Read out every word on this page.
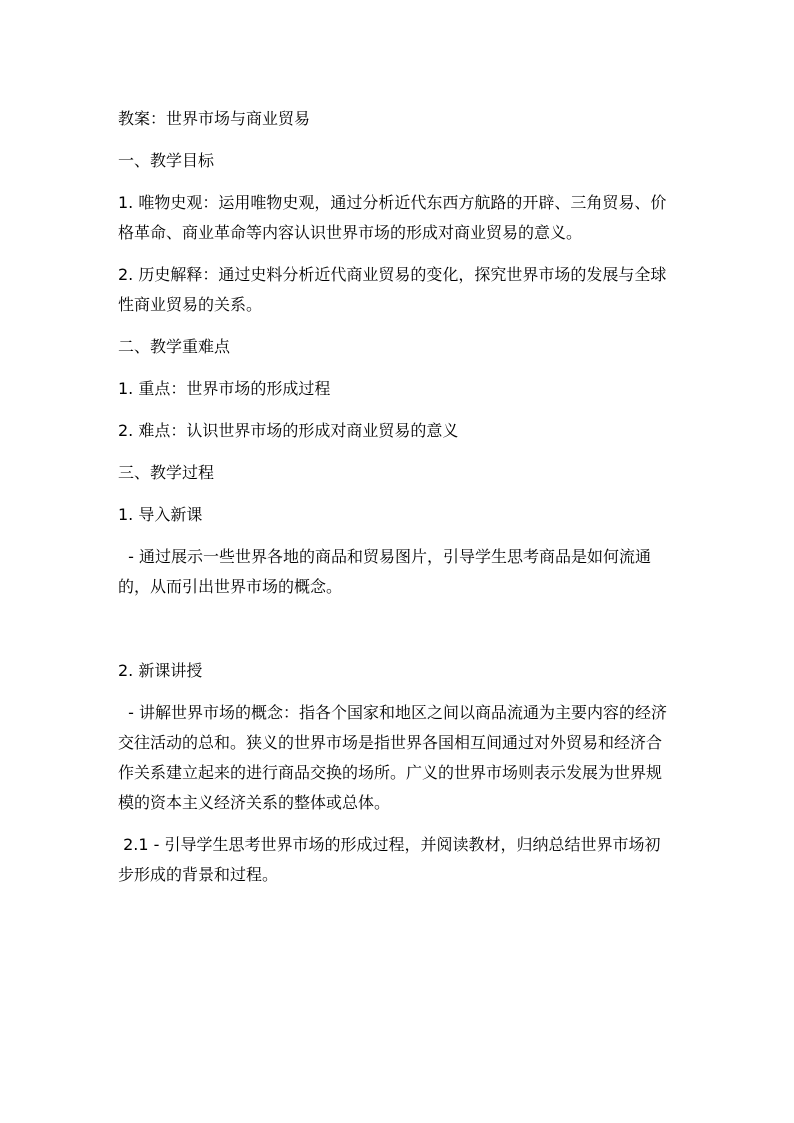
教案：世界市场与商业贸易

一、教学目标

1. 唯物史观：运用唯物史观，通过分析近代东西方航路的开辟、三角贸易、价格革命、商业革命等内容认识世界市场的形成对商业贸易的意义。

2. 历史解释：通过史料分析近代商业贸易的变化，探究世界市场的发展与全球性商业贸易的关系。

二、教学重难点

1. 重点：世界市场的形成过程

2. 难点：认识世界市场的形成对商业贸易的意义

三、教学过程

1. 导入新课

- 通过展示一些世界各地的商品和贸易图片，引导学生思考商品是如何流通的，从而引出世界市场的概念。

2. 新课讲授

- 讲解世界市场的概念：指各个国家和地区之间以商品流通为主要内容的经济交往活动的总和。狭义的世界市场是指世界各国相互间通过对外贸易和经济合作关系建立起来的进行商品交换的场所。广义的世界市场则表示发展为世界规模的资本主义经济关系的整体或总体。

2.1 - 引导学生思考世界市场的形成过程，并阅读教材，归纳总结世界市场初步形成的背景和过程。
